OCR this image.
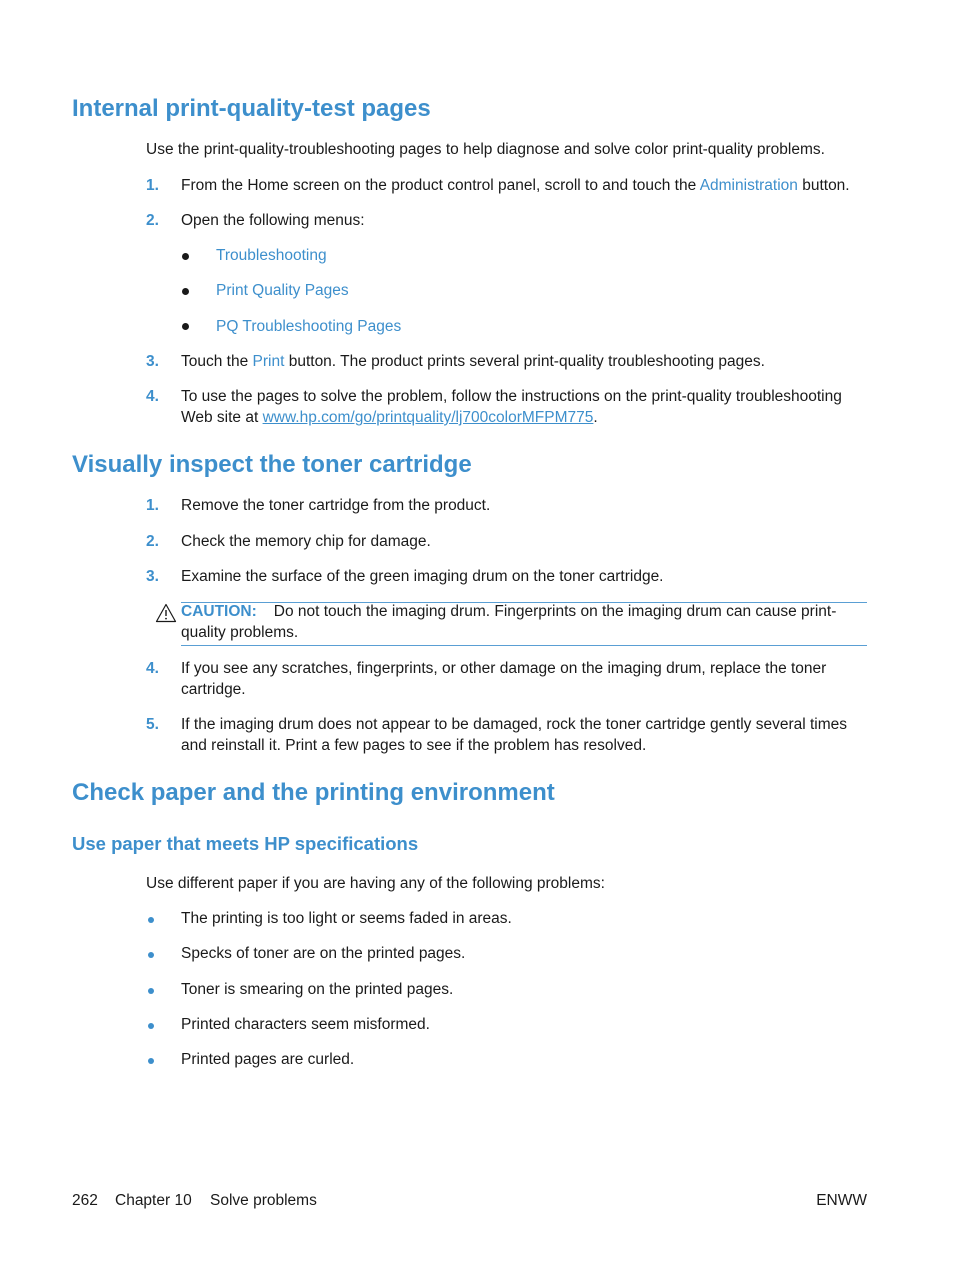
Internal print-quality-test pages
Use the print-quality-troubleshooting pages to help diagnose and solve color print-quality problems.
1. From the Home screen on the product control panel, scroll to and touch the Administration button.
2. Open the following menus:
Troubleshooting
Print Quality Pages
PQ Troubleshooting Pages
3. Touch the Print button. The product prints several print-quality troubleshooting pages.
4. To use the pages to solve the problem, follow the instructions on the print-quality troubleshooting
Web site at www.hp.com/go/printquality/lj700colorMFPM775.
Visually inspect the toner cartridge
1. Remove the toner cartridge from the product.
2. Check the memory chip for damage.
3. Examine the surface of the green imaging drum on the toner cartridge.
CAUTION: Do not touch the imaging drum. Fingerprints on the imaging drum can cause print-
quality problems.
4. If you see any scratches, fingerprints, or other damage on the imaging drum, replace the toner
cartridge.
5. If the imaging drum does not appear to be damaged, rock the toner cartridge gently several times
and reinstall it. Print a few pages to see if the problem has resolved.
Check paper and the printing environment
Use paper that meets HP specifications
Use different paper if you are having any of the following problems:
The printing is too light or seems faded in areas.
Specks of toner are on the printed pages.
Toner is smearing on the printed pages.
Printed characters seem misformed.
Printed pages are curled.
262 Chapter 10 Solve problems	ENWW
